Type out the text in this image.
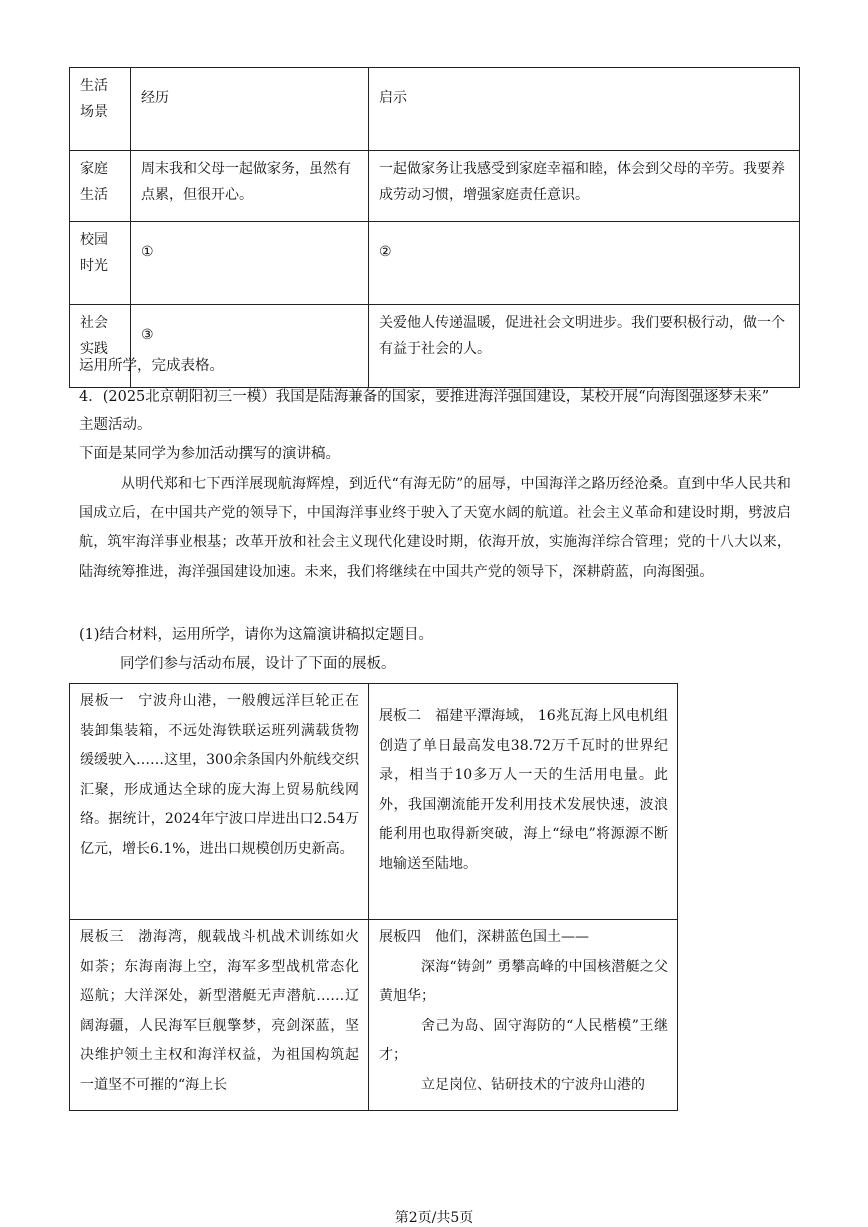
生活场景	经历	启示
家庭生活	周末我和父母一起做家务，虽然有点累，但很开心。	一起做家务让我感受到家庭幸福和睦，体会到父母的辛劳。我要养成劳动习惯，增强家庭责任意识。
校园时光	①	②
社会实践	③	关爱他人传递温暖，促进社会文明进步。我们要积极行动，做一个有益于社会的人。
运用所学，完成表格。
4．(2025北京朝阳初三一模）我国是陆海兼备的国家，要推进海洋强国建设，某校开展“向海图强逐梦未来”
主题活动。
下面是某同学为参加活动撰写的演讲稿。
从明代郑和七下西洋展现航海辉煌，到近代“有海无防”的屈辱，中国海洋之路历经沧桑。直到中华人民共和国成立后，在中国共产党的领导下，中国海洋事业终于驶入了天宽水阔的航道。社会主义革命和建设时期，劈波启航，筑牢海洋事业根基；改革开放和社会主义现代化建设时期，依海开放，实施海洋综合管理；党的十八大以来，陆海统筹推进，海洋强国建设加速。未来，我们将继续在中国共产党的领导下，深耕蔚蓝，向海图强。
(1)结合材料，运用所学，请你为这篇演讲稿拟定题目。
同学们参与活动布展，设计了下面的展板。
展板一 宁波舟山港，一般艘远洋巨轮正在装卸集装箱，不远处海铁联运班列满载货物缓缓驶入……这里，300余条国内外航线交织汇聚，形成通达全球的庞大海上贸易航线网络。据统计，2024年宁波口岸进出口2.54万亿元，增长6.1%，进出口规模创历史新高。	展板二 福建平潭海域， 16兆瓦海上风电机组创造了单日最高发电38.72万千瓦时的世界纪录，相当于10多万人一天的生活用电量。此外，我国潮流能开发利用技术发展快速，波浪能利用也取得新突破，海上“绿电”将源源不断地输送至陆地。
展板三 渤海湾，舰载战斗机战术训练如火如荼；东海南海上空，海军多型战机常态化巡航；大洋深处，新型潜艇无声潜航……辽阔海疆，人民海军巨舰擎梦，亮剑深蓝，坚决维护领土主权和海洋权益，为祖国构筑起一道坚不可摧的“海上长	展板四 他们，深耕蓝色国土——
深海“铸剑” 勇攀高峰的中国核潜艇之父黄旭华；
舍己为岛、固守海防的“人民楷模”王继才；
立足岗位、钻研技术的宁波舟山港的
第2页/共5页
